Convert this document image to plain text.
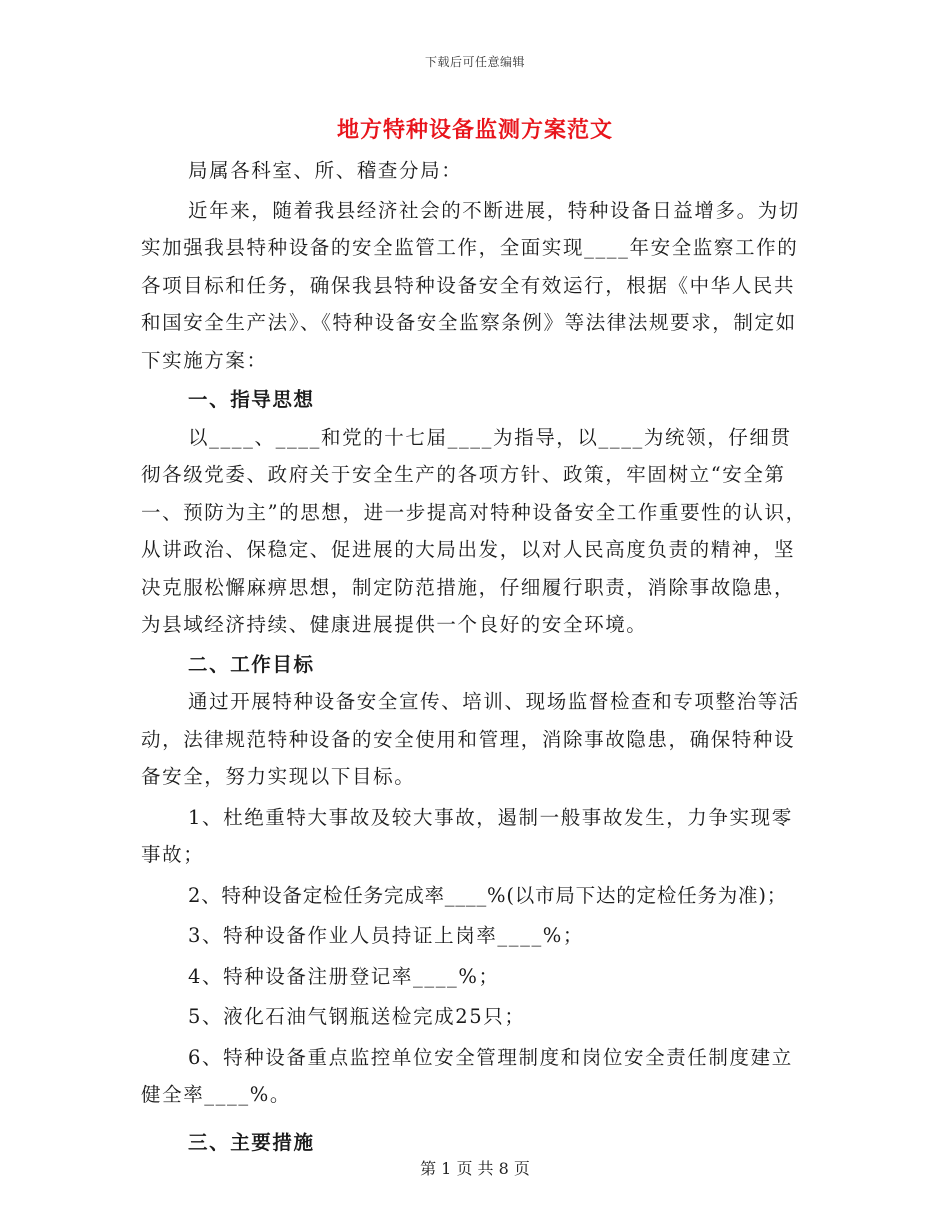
下载后可任意编辑
地方特种设备监测方案范文

局属各科室、所、稽查分局：

近年来，随着我县经济社会的不断进展，特种设备日益增多。为切实加强我县特种设备的安全监管工作，全面实现____年安全监察工作的各项目标和任务，确保我县特种设备安全有效运行，根据《中华人民共和国安全生产法》、《特种设备安全监察条例》等法律法规要求，制定如下实施方案：

一、指导思想

以____、____和党的十七届____为指导，以____为统领，仔细贯彻各级党委、政府关于安全生产的各项方针、政策，牢固树立“安全第一、预防为主”的思想，进一步提高对特种设备安全工作重要性的认识，从讲政治、保稳定、促进展的大局出发，以对人民高度负责的精神，坚决克服松懈麻痹思想，制定防范措施，仔细履行职责，消除事故隐患，为县域经济持续、健康进展提供一个良好的安全环境。

二、工作目标

通过开展特种设备安全宣传、培训、现场监督检查和专项整治等活动，法律规范特种设备的安全使用和管理，消除事故隐患，确保特种设备安全，努力实现以下目标。

1、杜绝重特大事故及较大事故，遏制一般事故发生，力争实现零事故；

2、特种设备定检任务完成率____%(以市局下达的定检任务为准)；

3、特种设备作业人员持证上岗率____%；

4、特种设备注册登记率____%；

5、液化石油气钢瓶送检完成25只；

6、特种设备重点监控单位安全管理制度和岗位安全责任制度建立健全率____%。

三、主要措施

第 1 页 共 8 页
